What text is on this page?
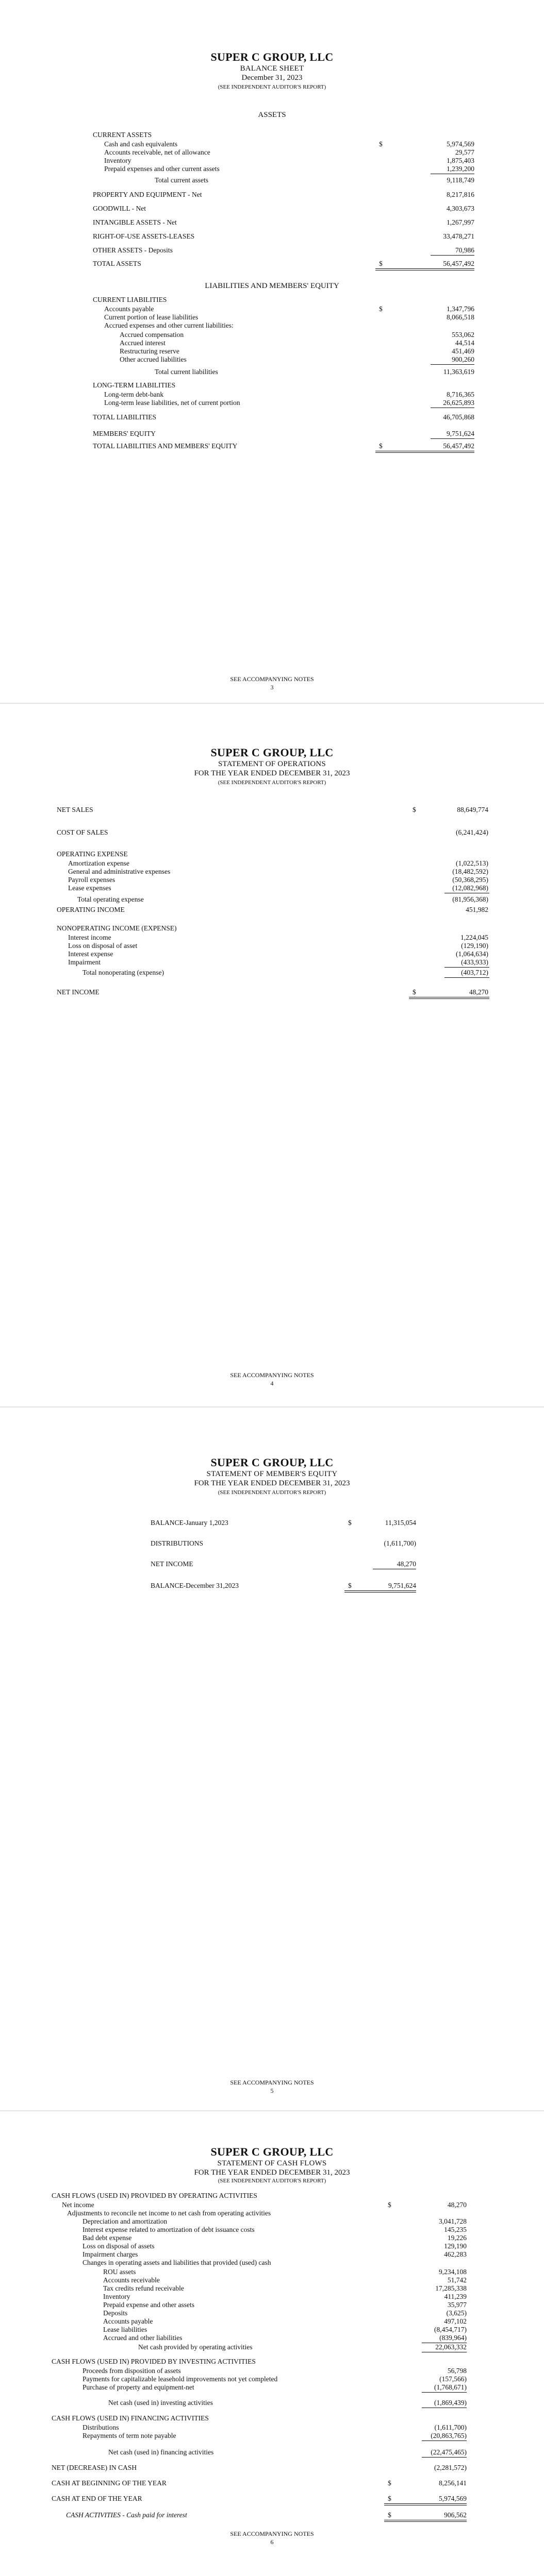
SUPER C GROUP, LLC
BALANCE SHEET
December 31, 2023
(SEE INDEPENDENT AUDITOR'S REPORT)
ASSETS
CURRENT ASSETS
Cash and cash equivalents	$	5,974,569
Accounts receivable, net of allowance	29,577
Inventory	1,875,403
Prepaid expenses and other current assets	1,239,200
Total current assets	9,118,749
PROPERTY AND EQUIPMENT - Net	8,217,816
GOODWILL - Net	4,303,673
INTANGIBLE ASSETS - Net	1,267,997
RIGHT-OF-USE ASSETS-LEASES	33,478,271
OTHER ASSETS - Deposits	70,986
TOTAL ASSETS	$	56,457,492
LIABILITIES AND MEMBERS' EQUITY
CURRENT LIABILITIES
Accounts payable	$	1,347,796
Current portion of lease liabilities	8,066,518
Accrued expenses and other current liabilities:
Accrued compensation	553,062
Accrued interest	44,514
Restructuring reserve	451,469
Other accrued liabilities	900,260
Total current liabilities	11,363,619
LONG-TERM LIABILITIES
Long-term debt-bank	8,716,365
Long-term lease liabilities, net of current portion	26,625,893
TOTAL LIABILITIES	46,705,868
MEMBERS' EQUITY	9,751,624
TOTAL LIABILITIES AND MEMBERS' EQUITY	$	56,457,492
SEE ACCOMPANYING NOTES
3
SUPER C GROUP, LLC
STATEMENT OF OPERATIONS
FOR THE YEAR ENDED DECEMBER 31, 2023
(SEE INDEPENDENT AUDITOR'S REPORT)
NET SALES	$	88,649,774
COST OF SALES	(6,241,424)
OPERATING EXPENSE
Amortization expense	(1,022,513)
General and administrative expenses	(18,482,592)
Payroll expenses	(50,368,295)
Lease expenses	(12,082,968)
Total operating expense	(81,956,368)
OPERATING INCOME	451,982
NONOPERATING INCOME (EXPENSE)
Interest income	1,224,045
Loss on disposal of asset	(129,190)
Interest expense	(1,064,634)
Impairment	(433,933)
Total nonoperating (expense)	(403,712)
NET INCOME	$	48,270
SEE ACCOMPANYING NOTES
4
SUPER C GROUP, LLC
STATEMENT OF MEMBER'S EQUITY
FOR THE YEAR ENDED DECEMBER 31, 2023
(SEE INDEPENDENT AUDITOR'S REPORT)
BALANCE-January 1,2023	$	11,315,054
DISTRIBUTIONS	(1,611,700)
NET INCOME	48,270
BALANCE-December 31,2023	$	9,751,624
SEE ACCOMPANYING NOTES
5
SUPER C GROUP, LLC
STATEMENT OF CASH FLOWS
FOR THE YEAR ENDED DECEMBER 31, 2023
(SEE INDEPENDENT AUDITOR'S REPORT)
CASH FLOWS (USED IN) PROVIDED BY OPERATING ACTIVITIES
Net income	$	48,270
Adjustments to reconcile net income to net cash from operating activities
Depreciation and amortization	3,041,728
Interest expense related to amortization of debt issuance costs	145,235
Bad debt expense	19,226
Loss on disposal of assets	129,190
Impairment charges	462,283
Changes in operating assets and liabilities that provided (used) cash
ROU assets	9,234,108
Accounts receivable	51,742
Tax credits refund receivable	17,285,338
Inventory	411,239
Prepaid expense and other assets	35,977
Deposits	(3,625)
Accounts payable	497,102
Lease liabilities	(8,454,717)
Accrued and other liabilities	(839,964)
Net cash provided by operating activities	22,063,332
CASH FLOWS (USED IN) PROVIDED BY INVESTING ACTIVITIES
Proceeds from disposition of assets	56,798
Payments for capitalizable leasehold improvements not yet completed	(157,566)
Purchase of property and equipment-net	(1,768,671)
Net cash (used in) investing activities	(1,869,439)
CASH FLOWS (USED IN) FINANCING ACTIVITIES
Distributions	(1,611,700)
Repayments of term note payable	(20,863,765)
Net cash (used in) financing activities	(22,475,465)
NET (DECREASE) IN CASH	(2,281,572)
CASH AT BEGINNING OF THE YEAR	$	8,256,141
CASH AT END OF THE YEAR	$	5,974,569
CASH ACTIVITIES - Cash paid for interest	$	906,562
SEE ACCOMPANYING NOTES
6
